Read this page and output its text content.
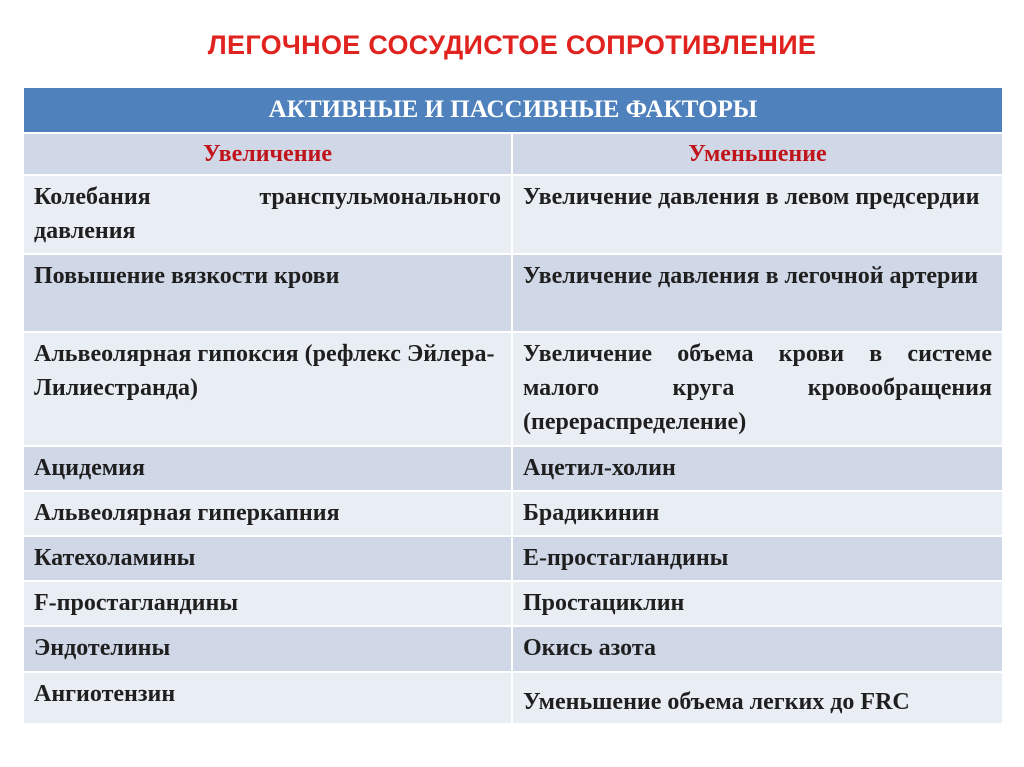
ЛЕГОЧНОЕ СОСУДИСТОЕ СОПРОТИВЛЕНИЕ
АКТИВНЫЕ И ПАССИВНЫЕ ФАКТОРЫ	
Увеличение	Уменьшение
Колебания транспульмонального давления	Увеличение давления в левом предсердии
Повышение вязкости крови	Увеличение давления в легочной артерии
Альвеолярная гипоксия (рефлекс Эйлера-Лилиестранда)	Увеличение объема крови в системе малого круга кровообращения (перераспределение)
Ацидемия	Ацетил-холин
Альвеолярная гиперкапния	Брадикинин
Катехоламины	Е-простагландины
F-простагландины	Простациклин
Эндотелины	Окись азота
Ангиотензин	Уменьшение объема легких до FRC
